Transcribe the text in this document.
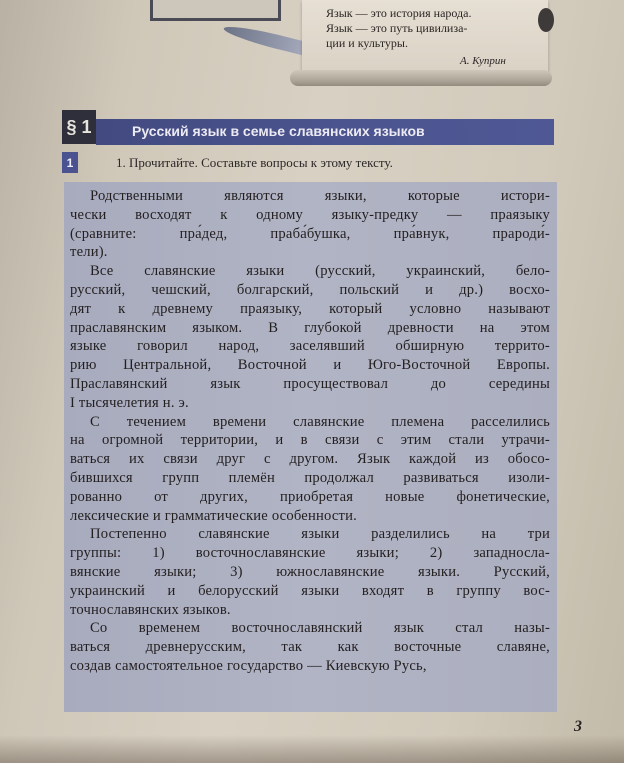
Язык — это история народа.
Язык — это путь цивилиза-
ции и культуры.
А. Куприн
§ 1	Русский язык в семье славянских языков
1	1. Прочитайте. Составьте вопросы к этому тексту.
Родственными являются языки, которые истори-
чески восходят к одному языку-предку — праязыку
(сравните: пра́дед, праба́бушка, пра́внук, прароди́-
тели).
Все славянские языки (русский, украинский, бело-
русский, чешский, болгарский, польский и др.) восхо-
дят к древнему праязыку, который условно называют
праславянским языком. В глубокой древности на этом
языке говорил народ, заселявший обширную террито-
рию Центральной, Восточной и Юго-Восточной Европы.
Праславянский язык просуществовал до середины
I тысячелетия н. э.
С течением времени славянские племена расселились
на огромной территории, и в связи с этим стали утрачи-
ваться их связи друг с другом. Язык каждой из обосо-
бившихся групп племён продолжал развиваться изоли-
рованно от других, приобретая новые фонетические,
лексические и грамматические особенности.
Постепенно славянские языки разделились на три
группы: 1) восточнославянские языки; 2) западносла-
вянские языки; 3) южнославянские языки. Русский,
украинский и белорусский языки входят в группу вос-
точнославянских языков.
Со временем восточнославянский язык стал назы-
ваться древнерусским, так как восточные славяне,
создав самостоятельное государство — Киевскую Русь,
3
